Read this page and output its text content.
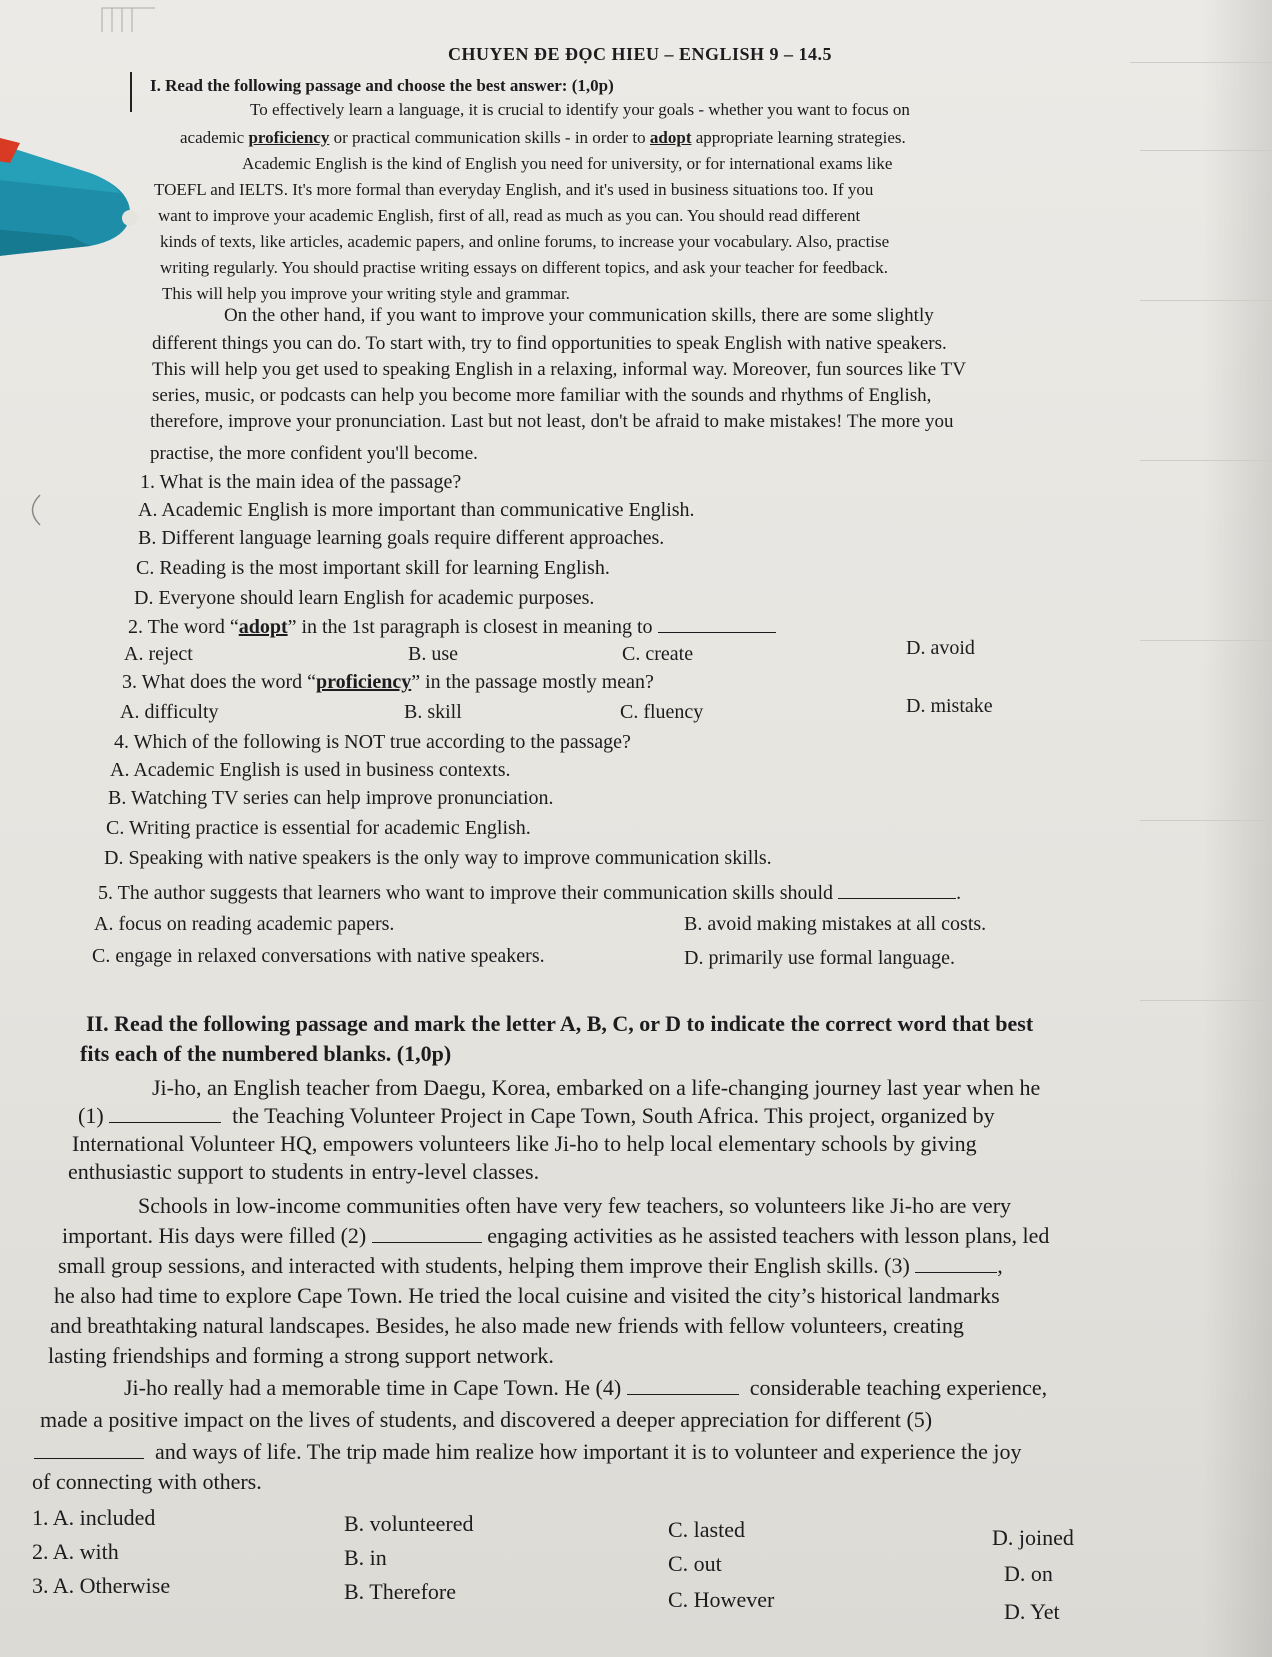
CHUYEN ĐE ĐỌC HIEU – ENGLISH 9 – 14.5
I. Read the following passage and choose the best answer: (1,0p)
To effectively learn a language, it is crucial to identify your goals - whether you want to focus on
academic proficiency or practical communication skills - in order to adopt appropriate learning strategies.
Academic English is the kind of English you need for university, or for international exams like
TOEFL and IELTS. It's more formal than everyday English, and it's used in business situations too. If you
want to improve your academic English, first of all, read as much as you can. You should read different
kinds of texts, like articles, academic papers, and online forums, to increase your vocabulary. Also, practise
writing regularly. You should practise writing essays on different topics, and ask your teacher for feedback.
This will help you improve your writing style and grammar.
On the other hand, if you want to improve your communication skills, there are some slightly
different things you can do. To start with, try to find opportunities to speak English with native speakers.
This will help you get used to speaking English in a relaxing, informal way. Moreover, fun sources like TV
series, music, or podcasts can help you become more familiar with the sounds and rhythms of English,
therefore, improve your pronunciation. Last but not least, don't be afraid to make mistakes! The more you
practise, the more confident you'll become.
1. What is the main idea of the passage?
A. Academic English is more important than communicative English.
B. Different language learning goals require different approaches.
C. Reading is the most important skill for learning English.
D. Everyone should learn English for academic purposes.
2. The word “adopt” in the 1st paragraph is closest in meaning to
A. reject	B. use	C. create	D. avoid
3. What does the word “proficiency” in the passage mostly mean?
A. difficulty	B. skill	C. fluency	D. mistake
4. Which of the following is NOT true according to the passage?
A. Academic English is used in business contexts.
B. Watching TV series can help improve pronunciation.
C. Writing practice is essential for academic English.
D. Speaking with native speakers is the only way to improve communication skills.
5. The author suggests that learners who want to improve their communication skills should	.
A. focus on reading academic papers.	B. avoid making mistakes at all costs.
C. engage in relaxed conversations with native speakers.	D. primarily use formal language.
II. Read the following passage and mark the letter A, B, C, or D to indicate the correct word that best
fits each of the numbered blanks. (1,0p)
Ji-ho, an English teacher from Daegu, Korea, embarked on a life-changing journey last year when he
(1)	the Teaching Volunteer Project in Cape Town, South Africa. This project, organized by
International Volunteer HQ, empowers volunteers like Ji-ho to help local elementary schools by giving
enthusiastic support to students in entry-level classes.
Schools in low-income communities often have very few teachers, so volunteers like Ji-ho are very
important. His days were filled (2)	engaging activities as he assisted teachers with lesson plans, led
small group sessions, and interacted with students, helping them improve their English skills. (3)	,
he also had time to explore Cape Town. He tried the local cuisine and visited the city’s historical landmarks
and breathtaking natural landscapes. Besides, he also made new friends with fellow volunteers, creating
lasting friendships and forming a strong support network.
Ji-ho really had a memorable time in Cape Town. He (4)	considerable teaching experience,
made a positive impact on the lives of students, and discovered a deeper appreciation for different (5)
and ways of life. The trip made him realize how important it is to volunteer and experience the joy
of connecting with others.
1. A. included	B. volunteered	C. lasted	D. joined
2. A. with	B. in	C. out	D. on
3. A. Otherwise	B. Therefore	C. However	D. Yet
